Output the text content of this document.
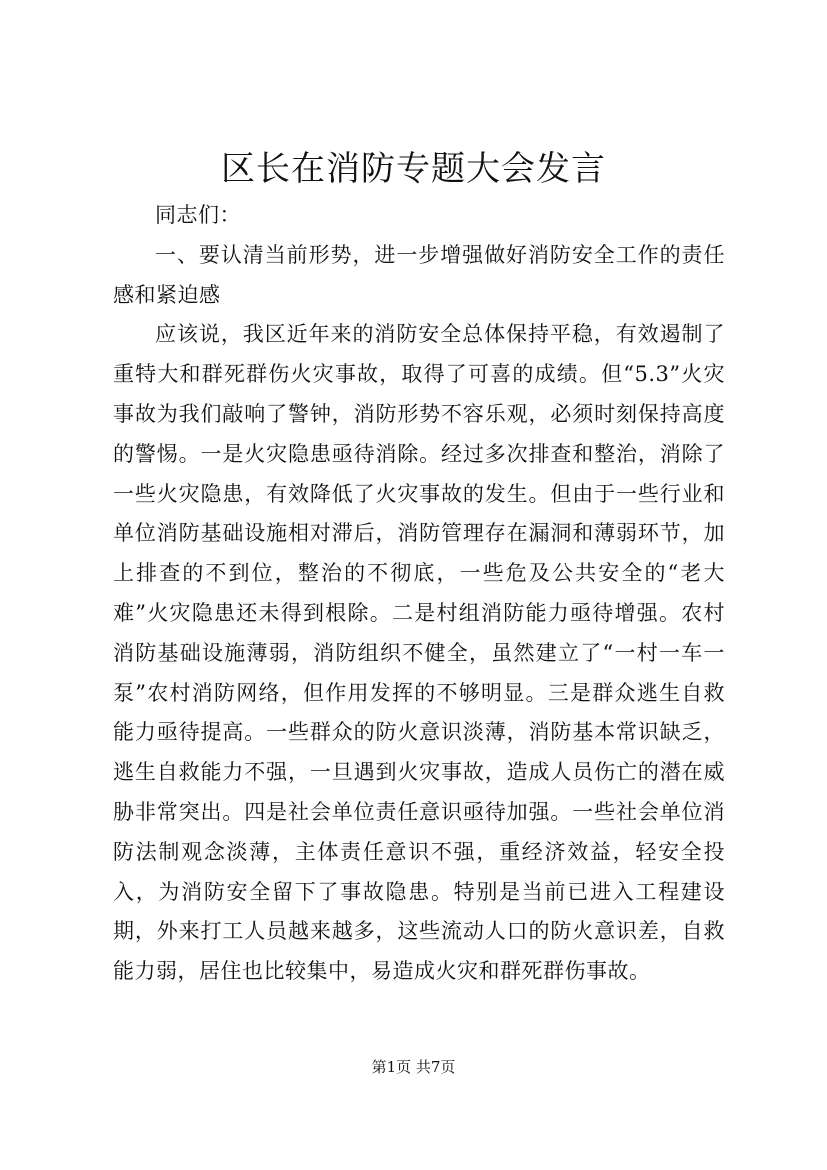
区长在消防专题大会发言

同志们：

一、要认清当前形势，进一步增强做好消防安全工作的责任感和紧迫感

应该说，我区近年来的消防安全总体保持平稳，有效遏制了重特大和群死群伤火灾事故，取得了可喜的成绩。但“5.3”火灾事故为我们敲响了警钟，消防形势不容乐观，必须时刻保持高度的警惕。一是火灾隐患亟待消除。经过多次排查和整治，消除了一些火灾隐患，有效降低了火灾事故的发生。但由于一些行业和单位消防基础设施相对滞后，消防管理存在漏洞和薄弱环节，加上排查的不到位，整治的不彻底，一些危及公共安全的“老大难”火灾隐患还未得到根除。二是村组消防能力亟待增强。农村消防基础设施薄弱，消防组织不健全，虽然建立了“一村一车一泵”农村消防网络，但作用发挥的不够明显。三是群众逃生自救能力亟待提高。一些群众的防火意识淡薄，消防基本常识缺乏，逃生自救能力不强，一旦遇到火灾事故，造成人员伤亡的潜在威胁非常突出。四是社会单位责任意识亟待加强。一些社会单位消防法制观念淡薄，主体责任意识不强，重经济效益，轻安全投入，为消防安全留下了事故隐患。特别是当前已进入工程建设期，外来打工人员越来越多，这些流动人口的防火意识差，自救能力弱，居住也比较集中，易造成火灾和群死群伤事故。

第1页 共7页
